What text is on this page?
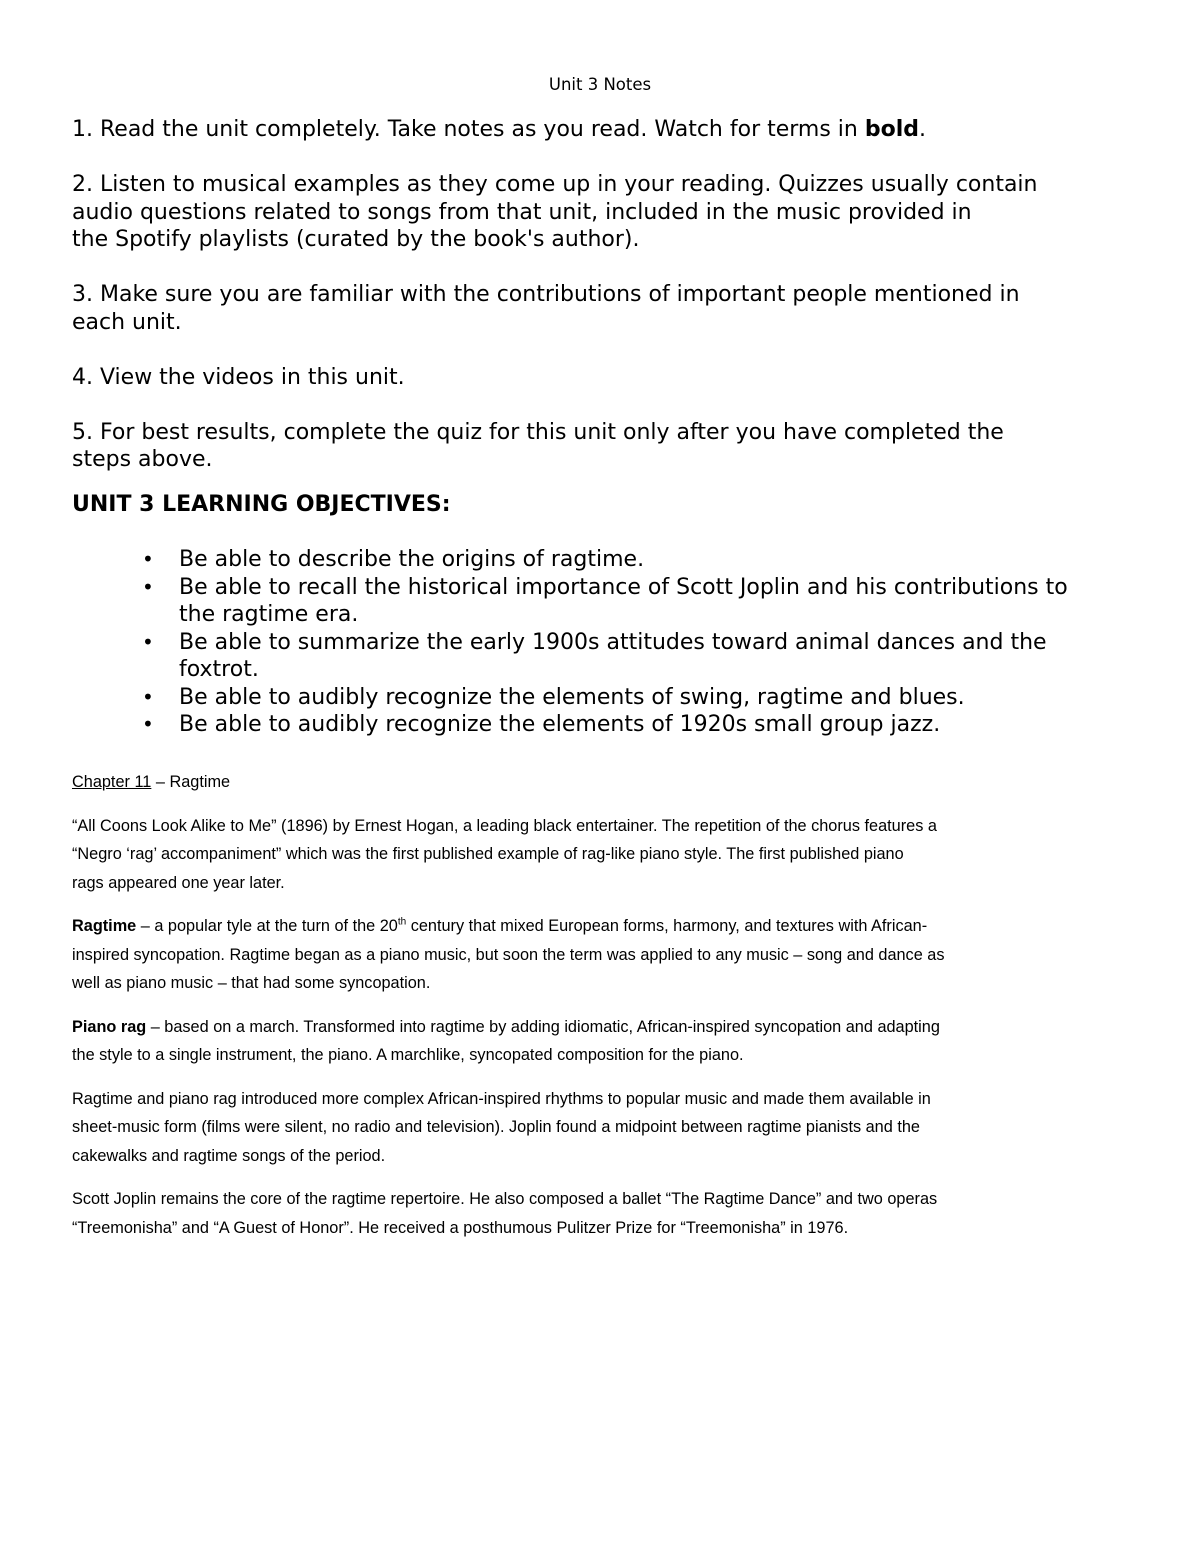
Unit 3 Notes

1. Read the unit completely. Take notes as you read. Watch for terms in bold.

2. Listen to musical examples as they come up in your reading. Quizzes usually contain
audio questions related to songs from that unit, included in the music provided in
the Spotify playlists (curated by the book's author).

3. Make sure you are familiar with the contributions of important people mentioned in
each unit.

4. View the videos in this unit.

5. For best results, complete the quiz for this unit only after you have completed the
steps above.

UNIT 3 LEARNING OBJECTIVES:
• Be able to describe the origins of ragtime.
• Be able to recall the historical importance of Scott Joplin and his contributions to
the ragtime era.
• Be able to summarize the early 1900s attitudes toward animal dances and the
foxtrot.
• Be able to audibly recognize the elements of swing, ragtime and blues.
• Be able to audibly recognize the elements of 1920s small group jazz.

Chapter 11 – Ragtime

“All Coons Look Alike to Me” (1896) by Ernest Hogan, a leading black entertainer. The repetition of the chorus features a
“Negro ‘rag’ accompaniment” which was the first published example of rag-like piano style. The first published piano
rags appeared one year later.

Ragtime – a popular tyle at the turn of the 20th century that mixed European forms, harmony, and textures with African-
inspired syncopation. Ragtime began as a piano music, but soon the term was applied to any music – song and dance as
well as piano music – that had some syncopation.

Piano rag – based on a march. Transformed into ragtime by adding idiomatic, African-inspired syncopation and adapting
the style to a single instrument, the piano. A marchlike, syncopated composition for the piano.

Ragtime and piano rag introduced more complex African-inspired rhythms to popular music and made them available in
sheet-music form (films were silent, no radio and television). Joplin found a midpoint between ragtime pianists and the
cakewalks and ragtime songs of the period.

Scott Joplin remains the core of the ragtime repertoire. He also composed a ballet “The Ragtime Dance” and two operas
“Treemonisha” and “A Guest of Honor”. He received a posthumous Pulitzer Prize for “Treemonisha” in 1976.
